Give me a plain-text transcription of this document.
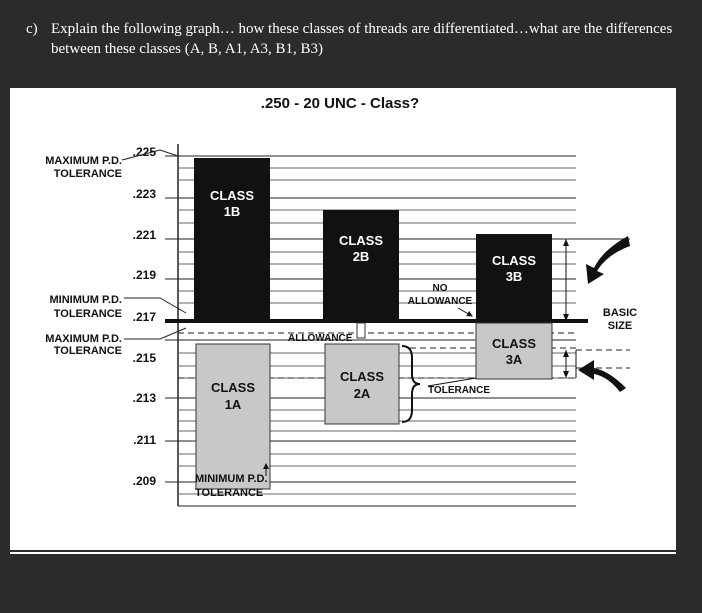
c) Explain the following graph… how these classes of threads are differentiated…what are the differences between these classes (A, B, A1, A3, B1, B3)
.250 - 20 UNC - Class?
CLASS
1B
CLASS
2B	CLASS
3B
CLASS
1A
CLASS
2A
CLASS
3A
.225
.223
.221
.219
.217
.215
.213
.211
.209
MAXIMUM P.D.
TOLERANCE
MINIMUM P.D.
TOLERANCE
MAXIMUM P.D.
TOLERANCE
NO
ALLOWANCE
ALLOWANCE
TOLERANCE
BASIC
SIZE
MINIMUM P.D.
TOLERANCE
